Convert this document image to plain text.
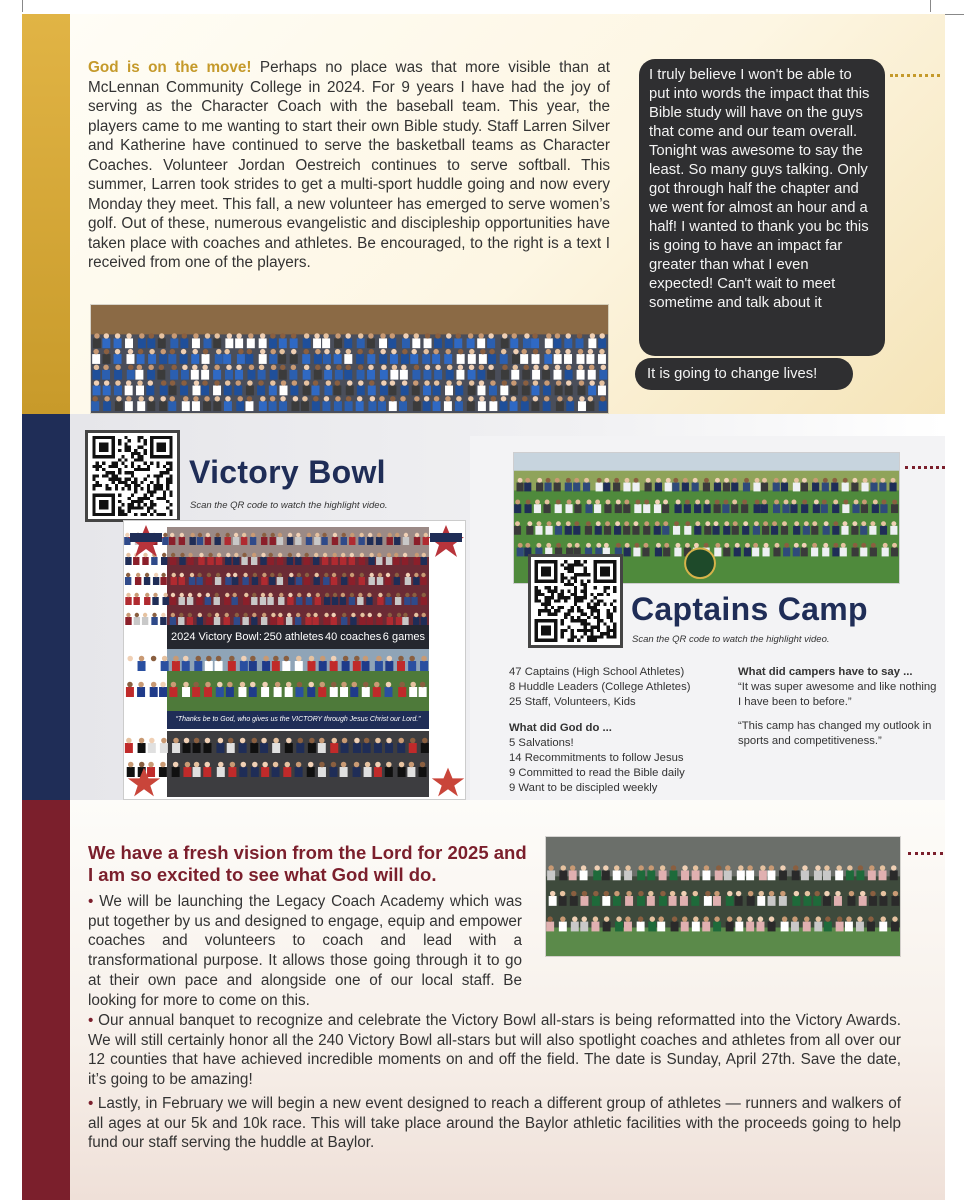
God is on the move! Perhaps no place was that more visible than at McLennan Community College in 2024. For 9 years I have had the joy of serving as the Character Coach with the baseball team. This year, the players came to me wanting to start their own Bible study. Staff Larren Silver and Katherine have continued to serve the basketball teams as Character Coaches. Volunteer Jordan Oestreich continues to serve softball. This summer, Larren took strides to get a multi-sport huddle going and now every Monday they meet. This fall, a new volunteer has emerged to serve women’s golf. Out of these, numerous evangelistic and discipleship opportunities have taken place with coaches and athletes. Be encouraged, to the right is a text I received from one of the players.

I truly believe I won't be able to put into words the impact that this Bible study will have on the guys that come and our team overall. Tonight was awesome to say the least. So many guys talking. Only got through half the chapter and we went for almost an hour and a half! I wanted to thank you bc this is going to have an impact far greater than what I even expected! Can't wait to meet sometime and talk about it
It is going to change lives!
Victory Bowl
Scan the QR code to watch the highlight video.
2024 Victory Bowl: 250 athletes 40 coaches 6 games
“Thanks be to God, who gives us the VICTORY through Jesus Christ our Lord.”
Captains Camp
Scan the QR code to watch the highlight video.
47 Captains (High School Athletes)
8 Huddle Leaders (College Athletes)
25 Staff, Volunteers, Kids
What did God do ...
5 Salvations!
14 Recommitments to follow Jesus
9 Committed to read the Bible daily
9 Want to be discipled weekly
What did campers have to say ...
“It was super awesome and like nothing I have been to before.”
“This camp has changed my outlook in sports and competitiveness.”
We have a fresh vision from the Lord for 2025 and I am so excited to see what God will do.
• We will be launching the Legacy Coach Academy which was put together by us and designed to engage, equip and empower coaches and volunteers to coach and lead with a transformational purpose. It allows those going through it to go at their own pace and alongside one of our local staff. Be looking for more to come on this.
• Our annual banquet to recognize and celebrate the Victory Bowl all-stars is being reformatted into the Victory Awards. We will still certainly honor all the 240 Victory Bowl all-stars but will also spotlight coaches and athletes from all over our 12 counties that have achieved incredible moments on and off the field. The date is Sunday, April 27th. Save the date, it’s going to be amazing!
• Lastly, in February we will begin a new event designed to reach a different group of athletes — runners and walkers of all ages at our 5k and 10k race. This will take place around the Baylor athletic facilities with the proceeds going to help fund our staff serving the huddle at Baylor.
